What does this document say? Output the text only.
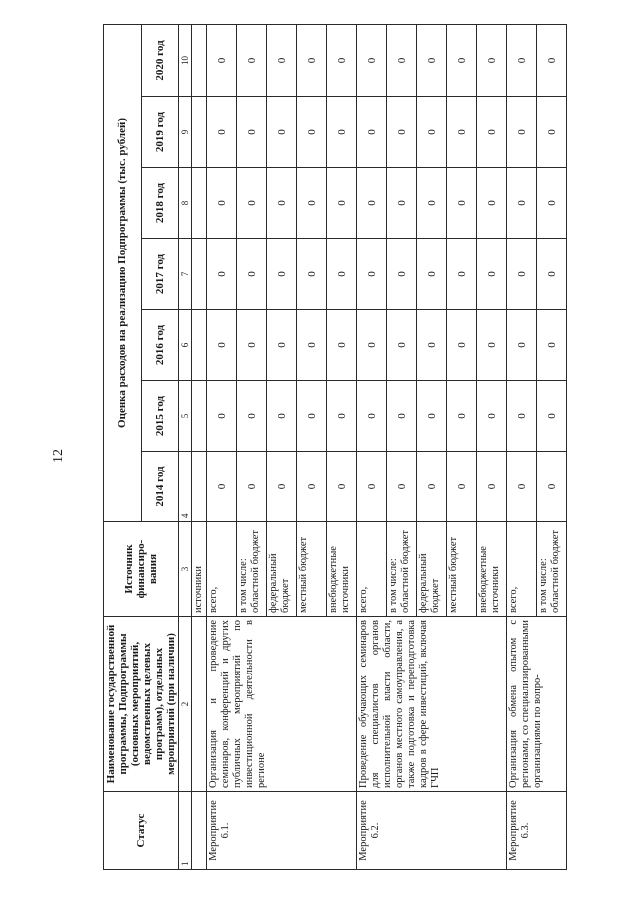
12
Статус	Наименование государственной программы, Подпрограммы (основных мероприятий, ведомственных целевых программ), отдельных мероприятий (при наличии)	Источник финансиро-вания	Оценка расходов на реализацию Подпрограммы (тыс. рублей)						
			2014 год	2015 год	2016 год	2017 год	2018 год	2019 год	2020 год
1	2	3	4	5	6	7	8	9	10
		источники							
Мероприятие 6.1.	Организация и проведение семинаров, конференций и других публичных мероприятий по инвестиционной деятельности в регионе	всего,	0	0	0	0	0	0	0
		в том числе: областной бюджет	0	0	0	0	0	0	0
		федеральный бюджет	0	0	0	0	0	0	0
		местный бюджет	0	0	0	0	0	0	0
		внебюджетные источники	0	0	0	0	0	0	0
Мероприятие 6.2.	Проведение обучающих семинаров для специалистов органов исполнительной власти области, органов местного самоуправления, а также подготовка и переподготовка кадров в сфере инвестиций, включая ГЧП	всего,	0	0	0	0	0	0	0
		в том числе: областной бюджет	0	0	0	0	0	0	0
		федеральный бюджет	0	0	0	0	0	0	0
		местный бюджет	0	0	0	0	0	0	0
		внебюджетные источники	0	0	0	0	0	0	0
Мероприятие 6.3.	Организация обмена опытом с регионами, со специализированными организациями по вопро-	всего,	0	0	0	0	0	0	0
		в том числе: областной бюджет	0	0	0	0	0	0	0
